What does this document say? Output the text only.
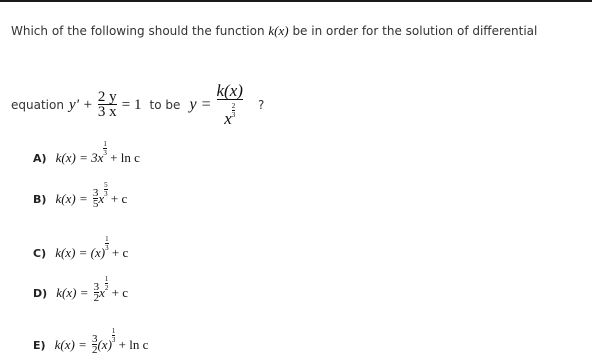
Which of the following should the function k(x) be in order for the solution of differential
equation $y' + \frac{2 y}{3 x} = 1$ to be $y = \frac{k(x)}{x\frac{2}{3}}$ ?
A) $k(x) = 3x\frac{1}{3}$
+ ln c
B) $k(x) = \frac{3}{5} x\frac{5}{3}$
+ c
C) $k(x) = (x)\frac{1}{3}$
+ c
D) $k(x) = \frac{3}{2} x\frac{1}{2}$
+ c
E) $k(x) = \frac{3}{2} (x)\frac{1}{3}$
+ ln c
